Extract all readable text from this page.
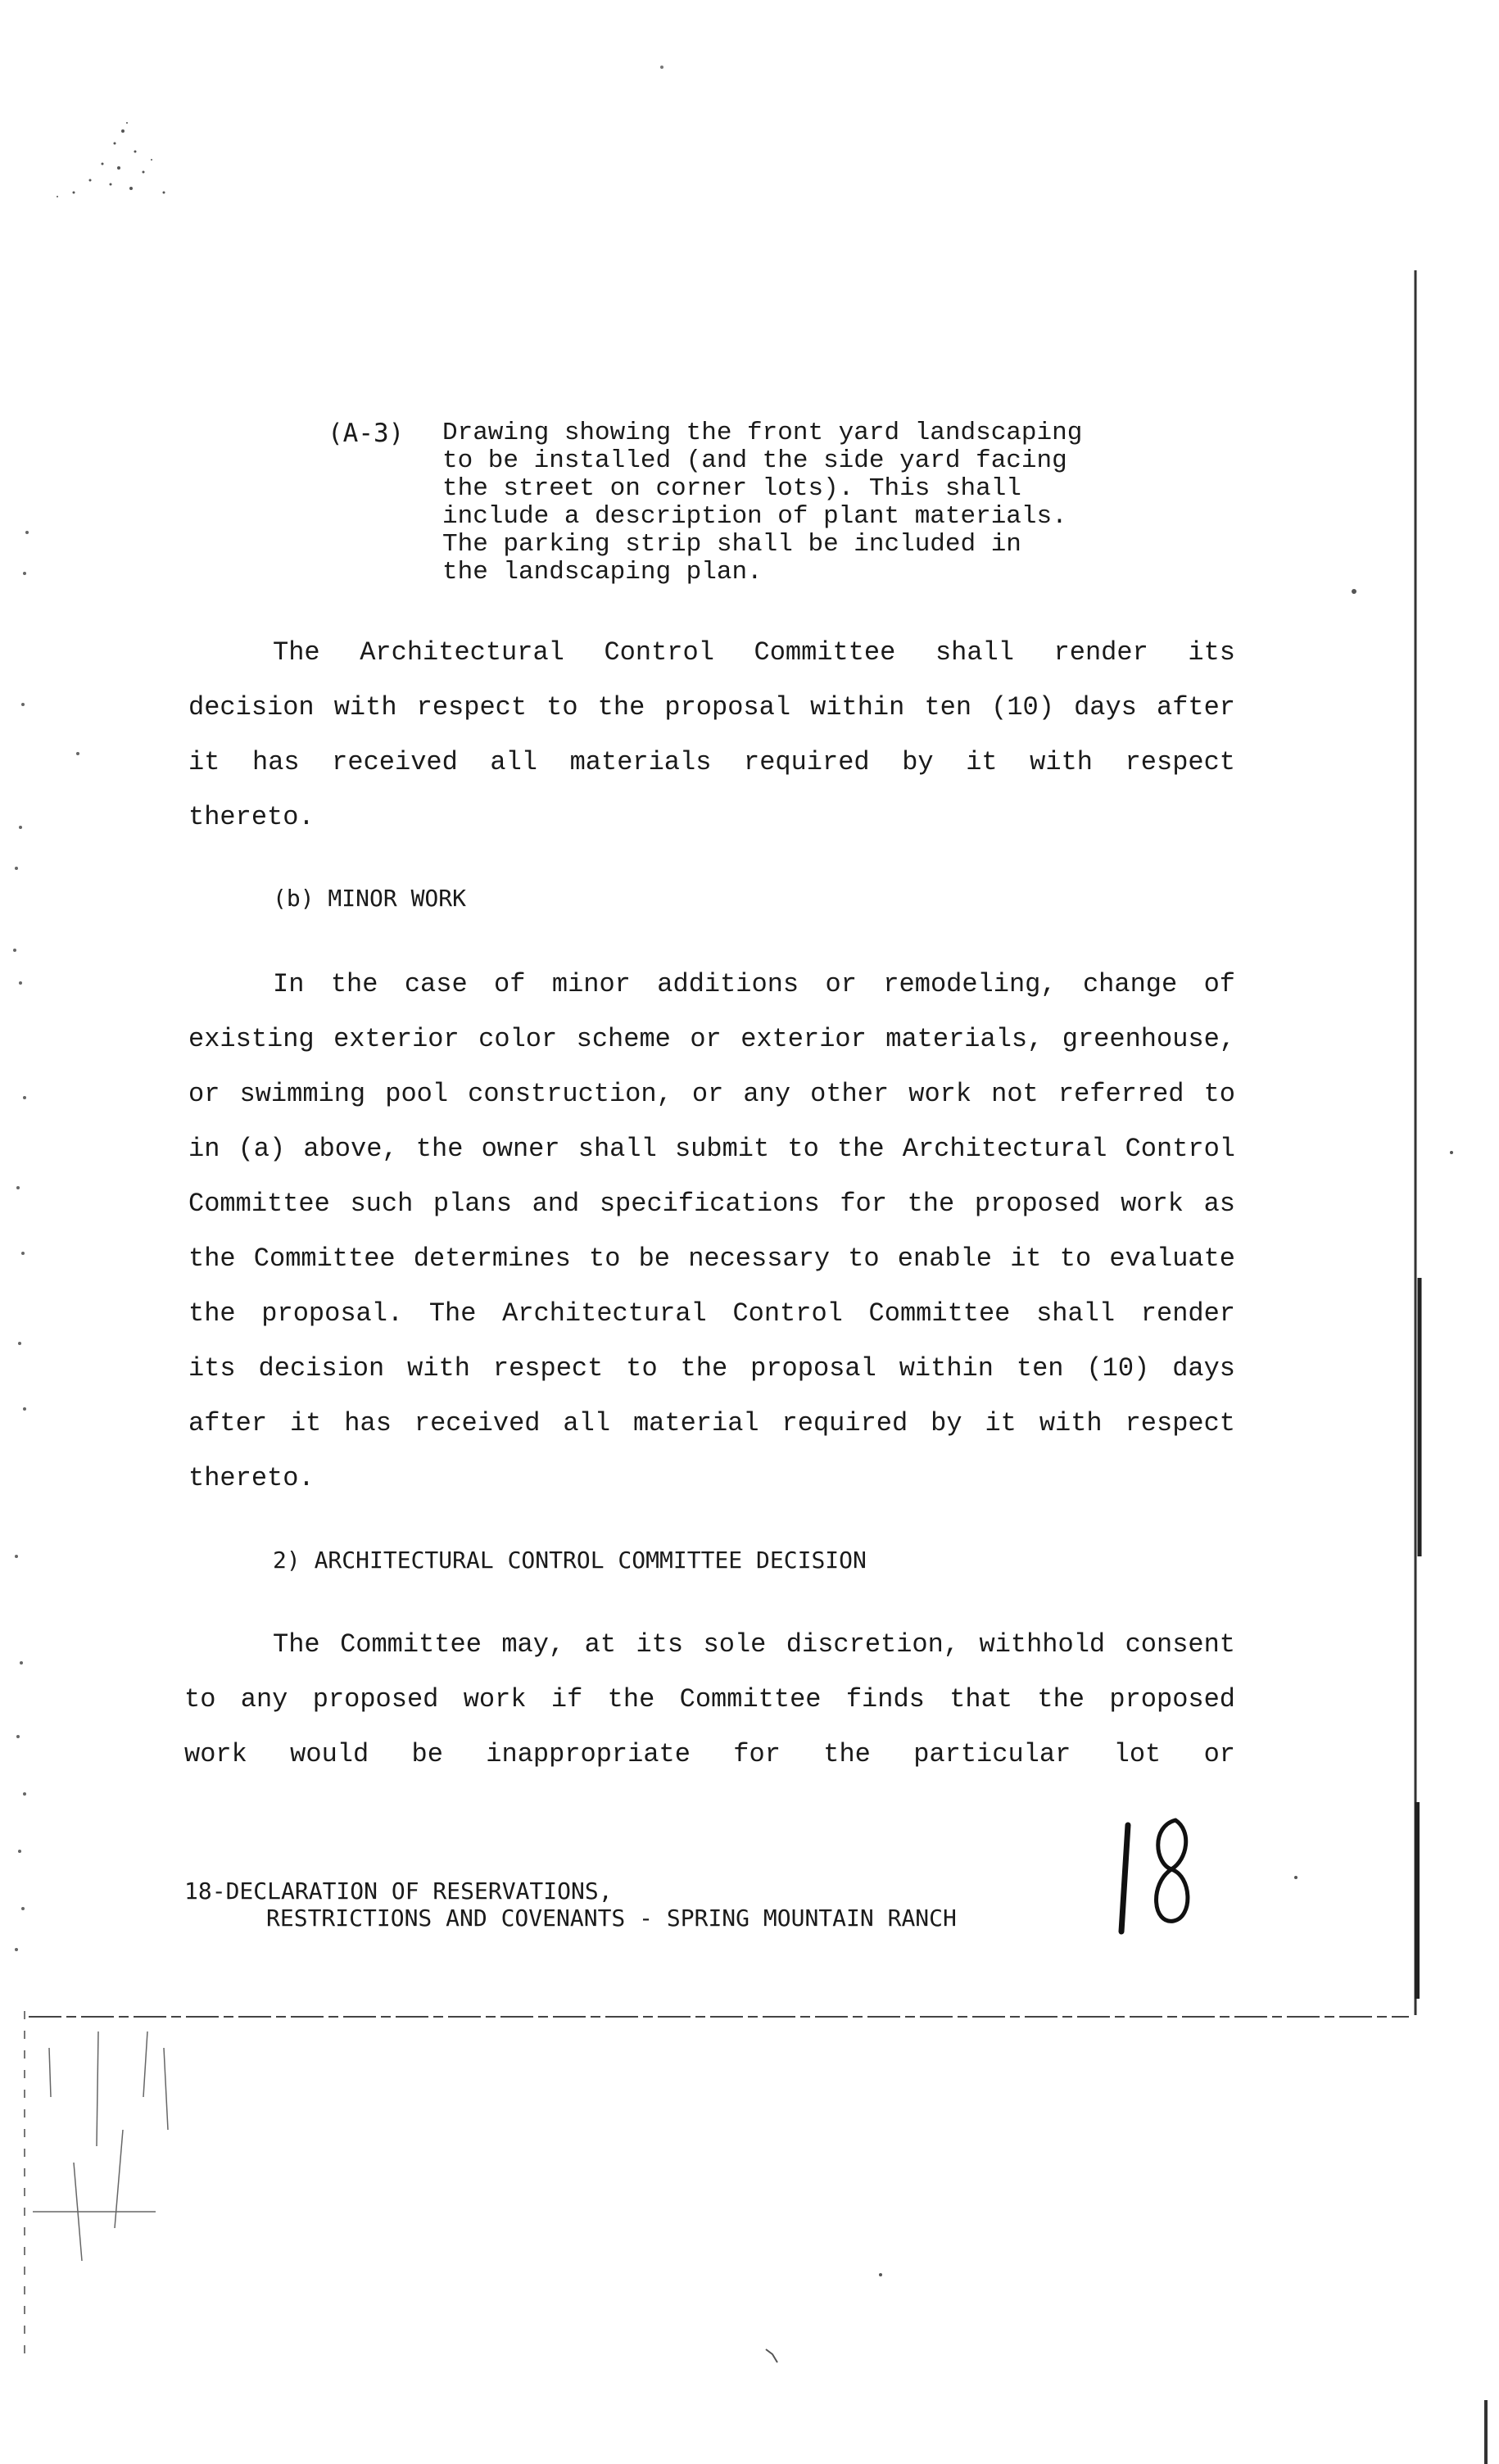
(A-3) Drawing showing the front yard landscaping
to be installed (and the side yard facing
the street on corner lots). This shall
include a description of plant materials.
The parking strip shall be included in
the landscaping plan.
The Architectural Control Committee shall render its
decision with respect to the proposal within ten (10) days after
it has received all materials required by it with respect
thereto.
(b) MINOR WORK
In the case of minor additions or remodeling, change of
existing exterior color scheme or exterior materials, greenhouse,
or swimming pool construction, or any other work not referred to
in (a) above, the owner shall submit to the Architectural Control
Committee such plans and specifications for the proposed work as
the Committee determines to be necessary to enable it to evaluate
the proposal. The Architectural Control Committee shall render
its decision with respect to the proposal within ten (10) days
after it has received all material required by it with respect
thereto.
2) ARCHITECTURAL CONTROL COMMITTEE DECISION
The Committee may, at its sole discretion, withhold consent
to any proposed work if the Committee finds that the proposed
work would be inappropriate for the particular lot or
18-DECLARATION OF RESERVATIONS,
RESTRICTIONS AND COVENANTS - SPRING MOUNTAIN RANCH
